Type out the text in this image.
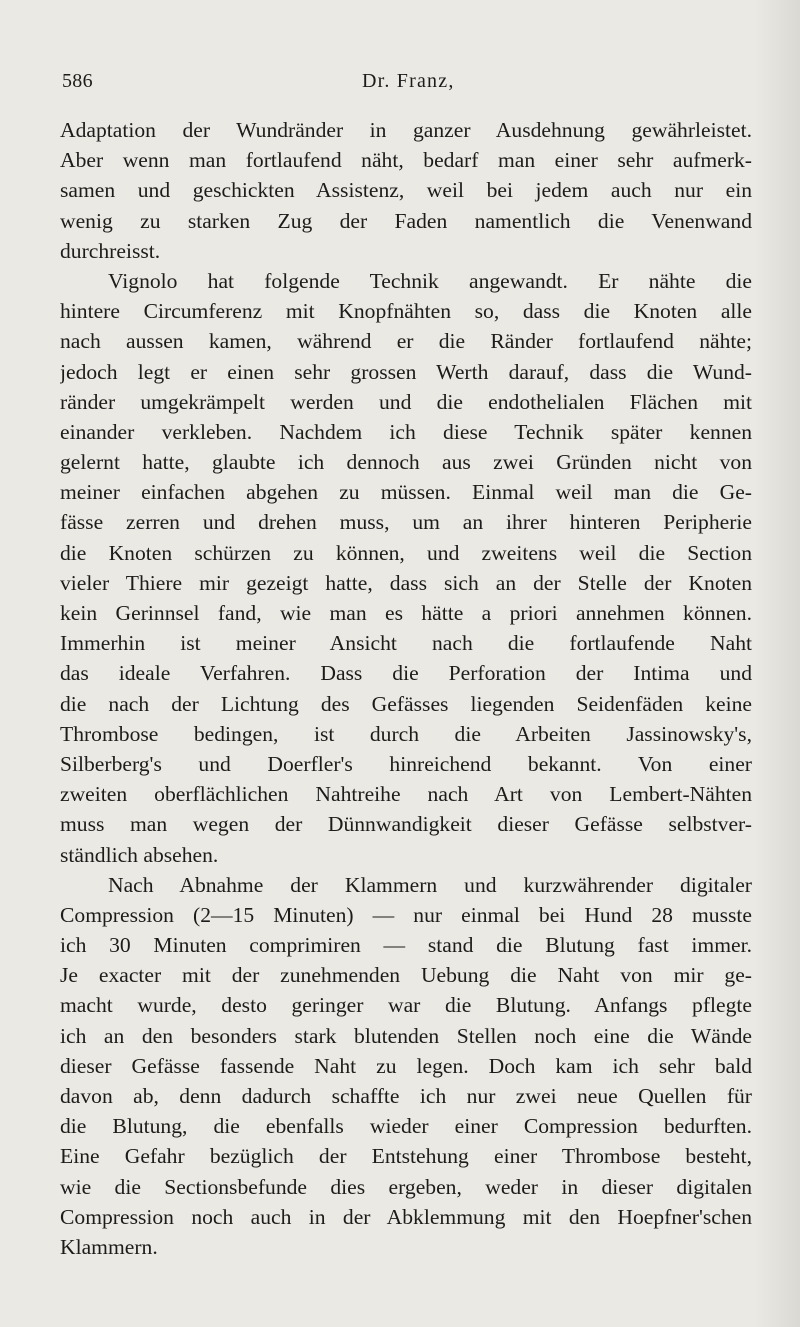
586	Dr. Franz,
Adaptation der Wundränder in ganzer Ausdehnung gewährleistet.
Aber wenn man fortlaufend näht, bedarf man einer sehr aufmerk-
samen und geschickten Assistenz, weil bei jedem auch nur ein
wenig zu starken Zug der Faden namentlich die Venenwand
durchreisst.
Vignolo hat folgende Technik angewandt. Er nähte die
hintere Circumferenz mit Knopfnähten so, dass die Knoten alle
nach aussen kamen, während er die Ränder fortlaufend nähte;
jedoch legt er einen sehr grossen Werth darauf, dass die Wund-
ränder umgekrämpelt werden und die endothelialen Flächen mit
einander verkleben. Nachdem ich diese Technik später kennen
gelernt hatte, glaubte ich dennoch aus zwei Gründen nicht von
meiner einfachen abgehen zu müssen. Einmal weil man die Ge-
fässe zerren und drehen muss, um an ihrer hinteren Peripherie
die Knoten schürzen zu können, und zweitens weil die Section
vieler Thiere mir gezeigt hatte, dass sich an der Stelle der Knoten
kein Gerinnsel fand, wie man es hätte a priori annehmen können.
Immerhin ist meiner Ansicht nach die fortlaufende Naht
das ideale Verfahren. Dass die Perforation der Intima und
die nach der Lichtung des Gefässes liegenden Seidenfäden keine
Thrombose bedingen, ist durch die Arbeiten Jassinowsky's,
Silberberg's und Doerfler's hinreichend bekannt. Von einer
zweiten oberflächlichen Nahtreihe nach Art von Lembert-Nähten
muss man wegen der Dünnwandigkeit dieser Gefässe selbstver-
ständlich absehen.
Nach Abnahme der Klammern und kurzwährender digitaler
Compression (2—15 Minuten) — nur einmal bei Hund 28 musste
ich 30 Minuten comprimiren — stand die Blutung fast immer.
Je exacter mit der zunehmenden Uebung die Naht von mir ge-
macht wurde, desto geringer war die Blutung. Anfangs pflegte
ich an den besonders stark blutenden Stellen noch eine die Wände
dieser Gefässe fassende Naht zu legen. Doch kam ich sehr bald
davon ab, denn dadurch schaffte ich nur zwei neue Quellen für
die Blutung, die ebenfalls wieder einer Compression bedurften.
Eine Gefahr bezüglich der Entstehung einer Thrombose besteht,
wie die Sectionsbefunde dies ergeben, weder in dieser digitalen
Compression noch auch in der Abklemmung mit den Hoepfner'schen
Klammern.
